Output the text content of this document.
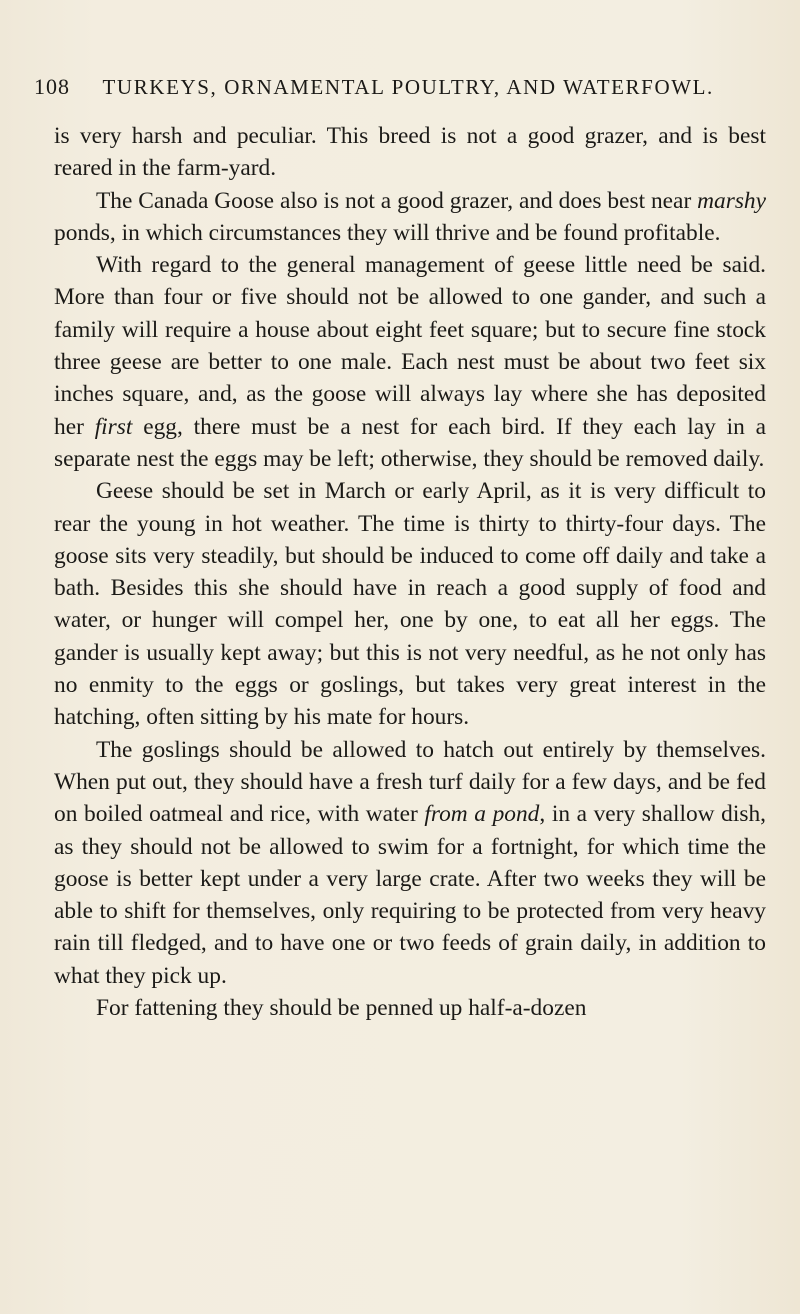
108 TURKEYS, ORNAMENTAL POULTRY, AND WATERFOWL.

is very harsh and peculiar. This breed is not a good grazer, and is best reared in the farm-yard.

The Canada Goose also is not a good grazer, and does best near marshy ponds, in which circumstances they will thrive and be found profitable.

With regard to the general management of geese little need be said. More than four or five should not be allowed to one gander, and such a family will require a house about eight feet square; but to secure fine stock three geese are better to one male. Each nest must be about two feet six inches square, and, as the goose will always lay where she has deposited her first egg, there must be a nest for each bird. If they each lay in a separate nest the eggs may be left; otherwise, they should be removed daily.

Geese should be set in March or early April, as it is very difficult to rear the young in hot weather. The time is thirty to thirty-four days. The goose sits very steadily, but should be induced to come off daily and take a bath. Besides this she should have in reach a good supply of food and water, or hunger will compel her, one by one, to eat all her eggs. The gander is usually kept away; but this is not very needful, as he not only has no enmity to the eggs or goslings, but takes very great interest in the hatching, often sitting by his mate for hours.

The goslings should be allowed to hatch out entirely by themselves. When put out, they should have a fresh turf daily for a few days, and be fed on boiled oatmeal and rice, with water from a pond, in a very shallow dish, as they should not be allowed to swim for a fortnight, for which time the goose is better kept under a very large crate. After two weeks they will be able to shift for themselves, only requiring to be protected from very heavy rain till fledged, and to have one or two feeds of grain daily, in addition to what they pick up.

For fattening they should be penned up half-a-dozen
